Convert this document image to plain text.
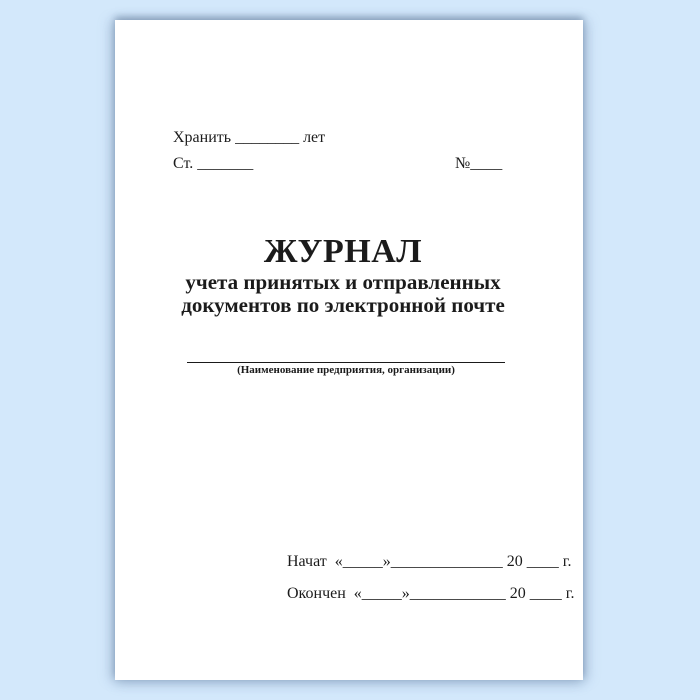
Хранить ________ лет
Ст. _______	№____
ЖУРНАЛ
учета принятых и отправленных
документов по электронной почте
(Наименование предприятия, организации)
Начат  «_____»______________ 20 ____ г.
Окончен  «_____»____________ 20 ____ г.
